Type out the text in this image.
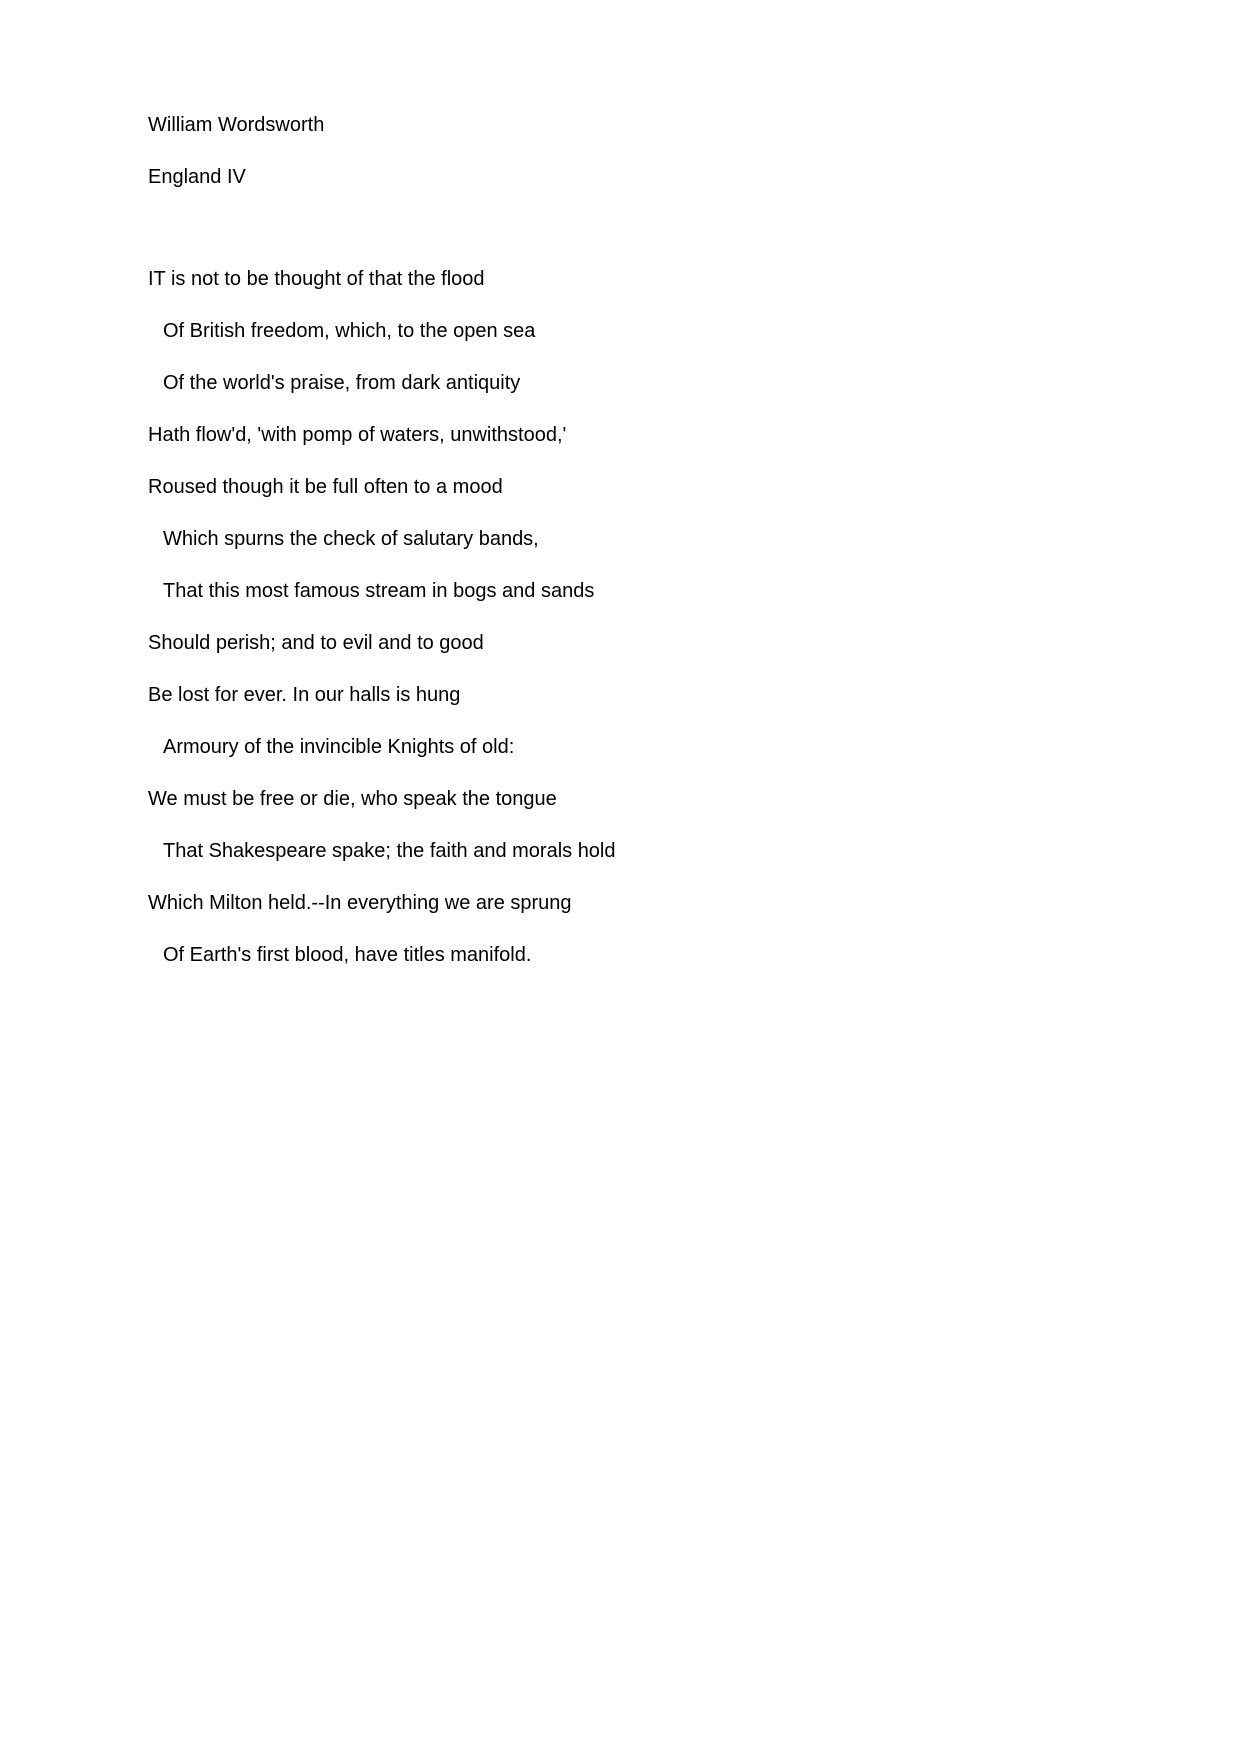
William Wordsworth
England IV
IT is not to be thought of that the flood
Of British freedom, which, to the open sea
Of the world's praise, from dark antiquity
Hath flow'd, 'with pomp of waters, unwithstood,'
Roused though it be full often to a mood
Which spurns the check of salutary bands,
That this most famous stream in bogs and sands
Should perish; and to evil and to good
Be lost for ever. In our halls is hung
Armoury of the invincible Knights of old:
We must be free or die, who speak the tongue
That Shakespeare spake; the faith and morals hold
Which Milton held.--In everything we are sprung
Of Earth's first blood, have titles manifold.
